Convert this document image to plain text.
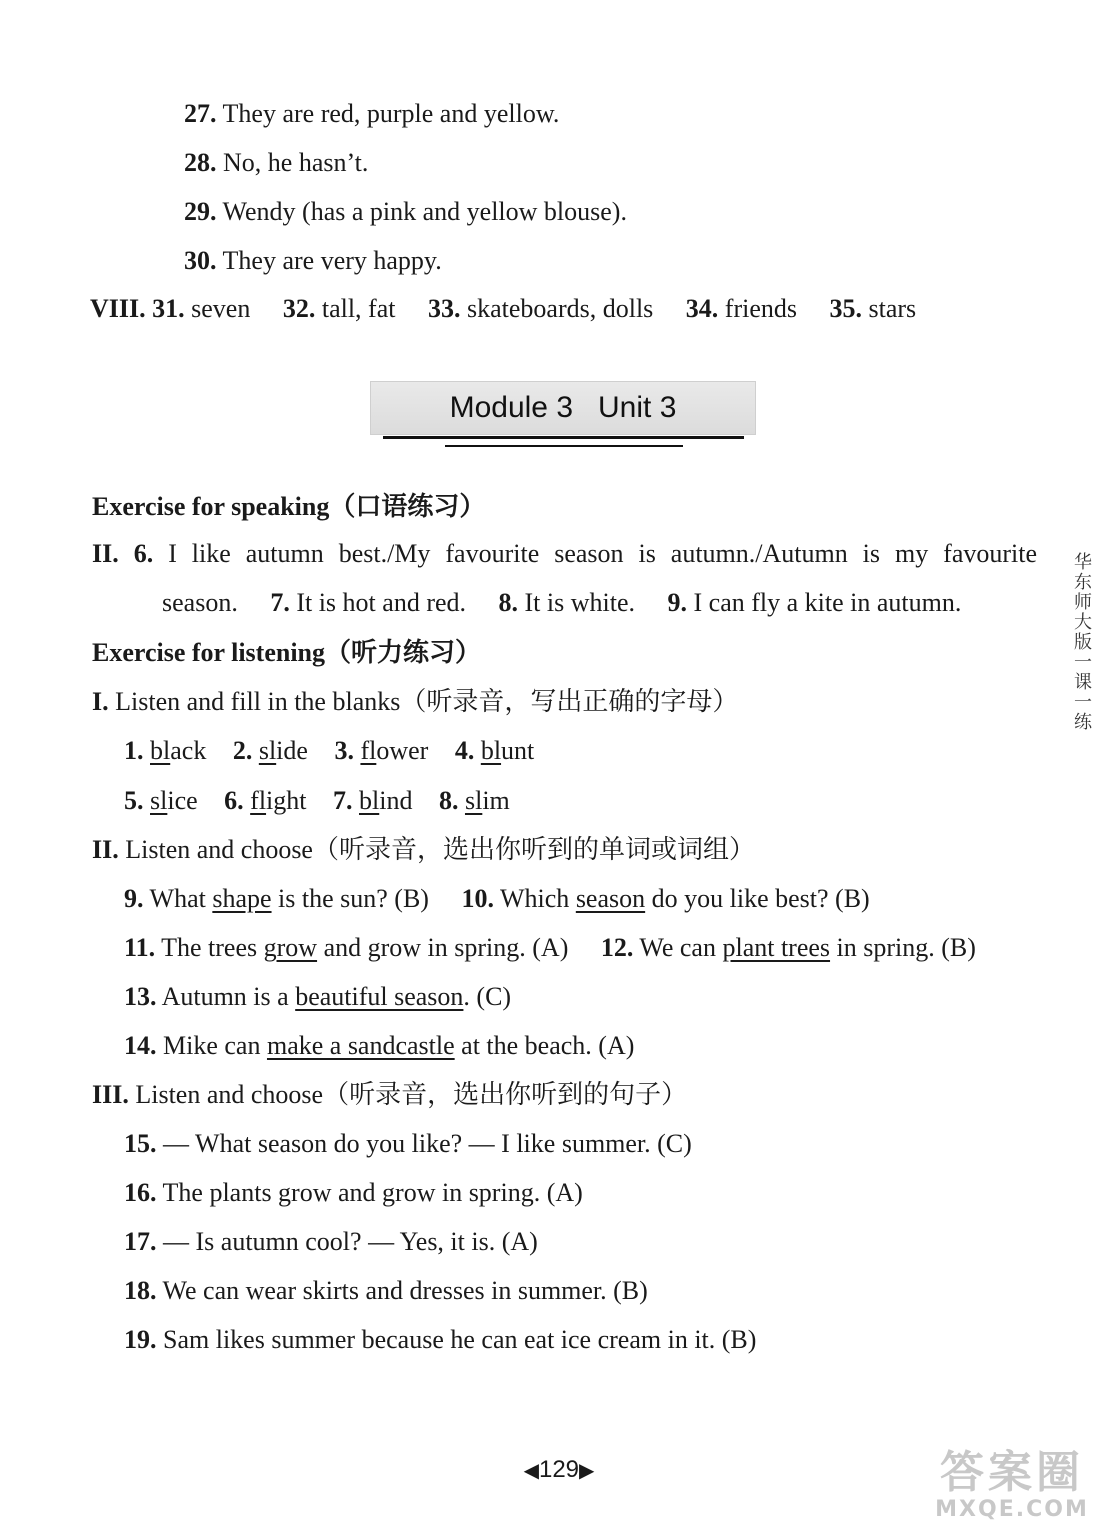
27. They are red, purple and yellow.
28. No, he hasn’t.
29. Wendy (has a pink and yellow blouse).
30. They are very happy.
VIII. 31. seven 32. tall, fat 33. skateboards, dolls 34. friends 35. stars
Module 3   Unit 3
Exercise for speaking（口语练习）
II. 6. I like autumn best./My favourite season is autumn./Autumn is my favourite
season. 7. It is hot and red. 8. It is white. 9. I can fly a kite in autumn.
Exercise for listening（听力练习）
I. Listen and fill in the blanks（听录音，写出正确的字母）
1. black 2. slide 3. flower 4. blunt
5. slice 6. flight 7. blind 8. slim
II. Listen and choose（听录音，选出你听到的单词或词组）
9. What shape is the sun? (B) 10. Which season do you like best? (B)
11. The trees grow and grow in spring. (A) 12. We can plant trees in spring. (B)
13. Autumn is a beautiful season. (C)
14. Mike can make a sandcastle at the beach. (A)
III. Listen and choose（听录音，选出你听到的句子）
15. — What season do you like? — I like summer. (C)
16. The plants grow and grow in spring. (A)
17. — Is autumn cool? — Yes, it is. (A)
18. We can wear skirts and dresses in summer. (B)
19. Sam likes summer because he can eat ice cream in it. (B)
华东师大版一课一练
◀129▶	答案圈
MXQE.COM
